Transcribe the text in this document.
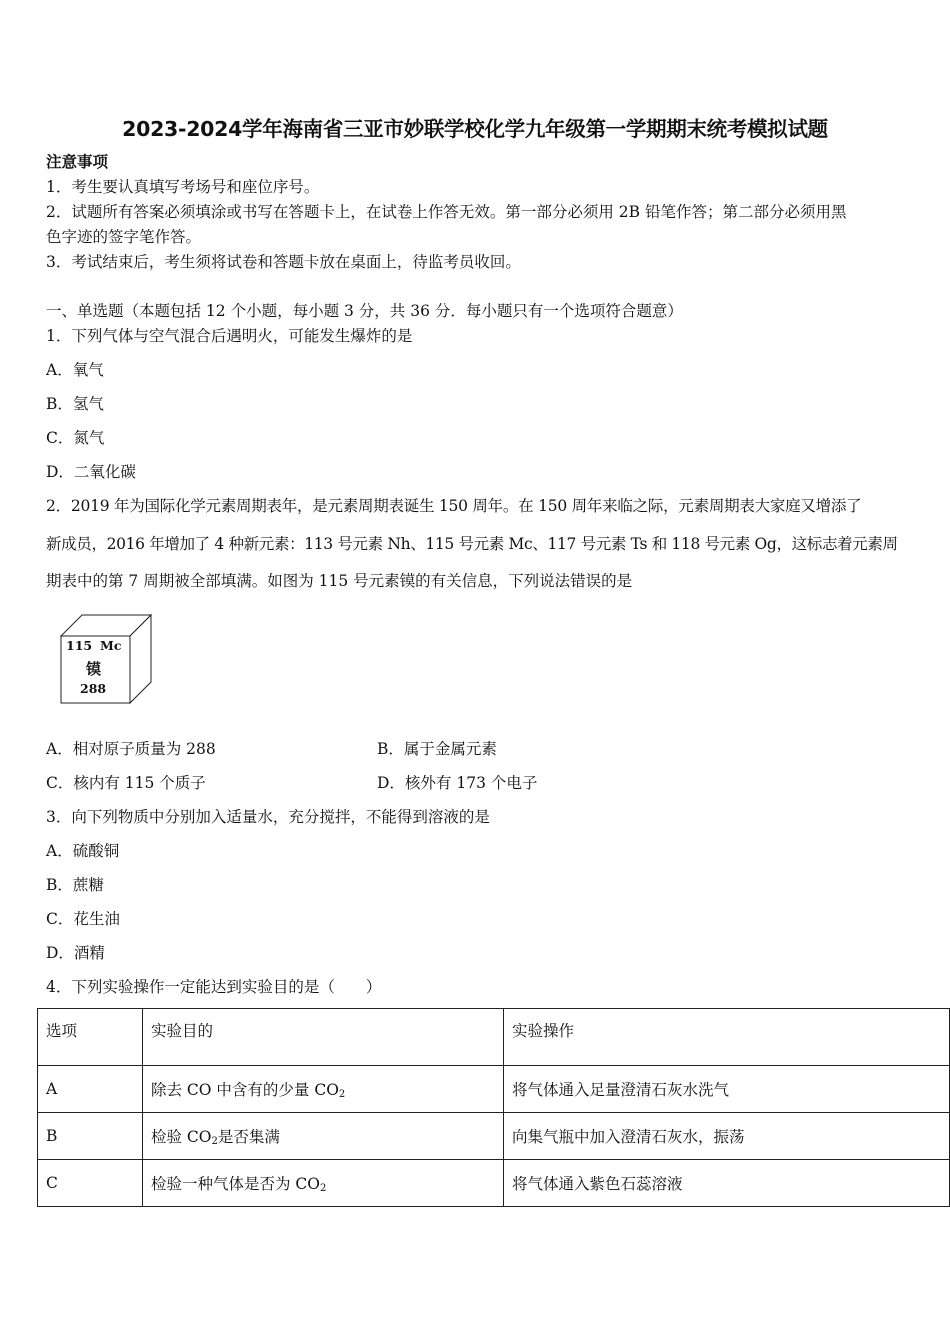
2023-2024学年海南省三亚市妙联学校化学九年级第一学期期末统考模拟试题
注意事项
1．考生要认真填写考场号和座位序号。
2．试题所有答案必须填涂或书写在答题卡上，在试卷上作答无效。第一部分必须用 2B 铅笔作答；第二部分必须用黑
色字迹的签字笔作答。
3．考试结束后，考生须将试卷和答题卡放在桌面上，待监考员收回。
一、单选题（本题包括 12 个小题，每小题 3 分，共 36 分．每小题只有一个选项符合题意）
1．下列气体与空气混合后遇明火，可能发生爆炸的是
A．氧气
B．氢气
C．氮气
D．二氧化碳
2．2019 年为国际化学元素周期表年，是元素周期表诞生 150 周年。在 150 周年来临之际，元素周期表大家庭又增添了
新成员，2016 年增加了 4 种新元素：113 号元素 Nh、115 号元素 Mc、117 号元素 Ts 和 118 号元素 Og，这标志着元素周
期表中的第 7 周期被全部填满。如图为 115 号元素镆的有关信息，下列说法错误的是
115 Mc
镆
288
A．相对原子质量为 288	B．属于金属元素
C．核内有 115 个质子	D．核外有 173 个电子
3．向下列物质中分别加入适量水，充分搅拌，不能得到溶液的是
A．硫酸铜
B．蔗糖
C．花生油
D．酒精
4．下列实验操作一定能达到实验目的是（　　）
选项	实验目的	实验操作
A	除去 CO 中含有的少量 $CO_2$	将气体通入足量澄清石灰水洗气
B	检验 $CO_2$是否集满	向集气瓶中加入澄清石灰水，振荡
C	检验一种气体是否为 $CO_2$	将气体通入紫色石蕊溶液
